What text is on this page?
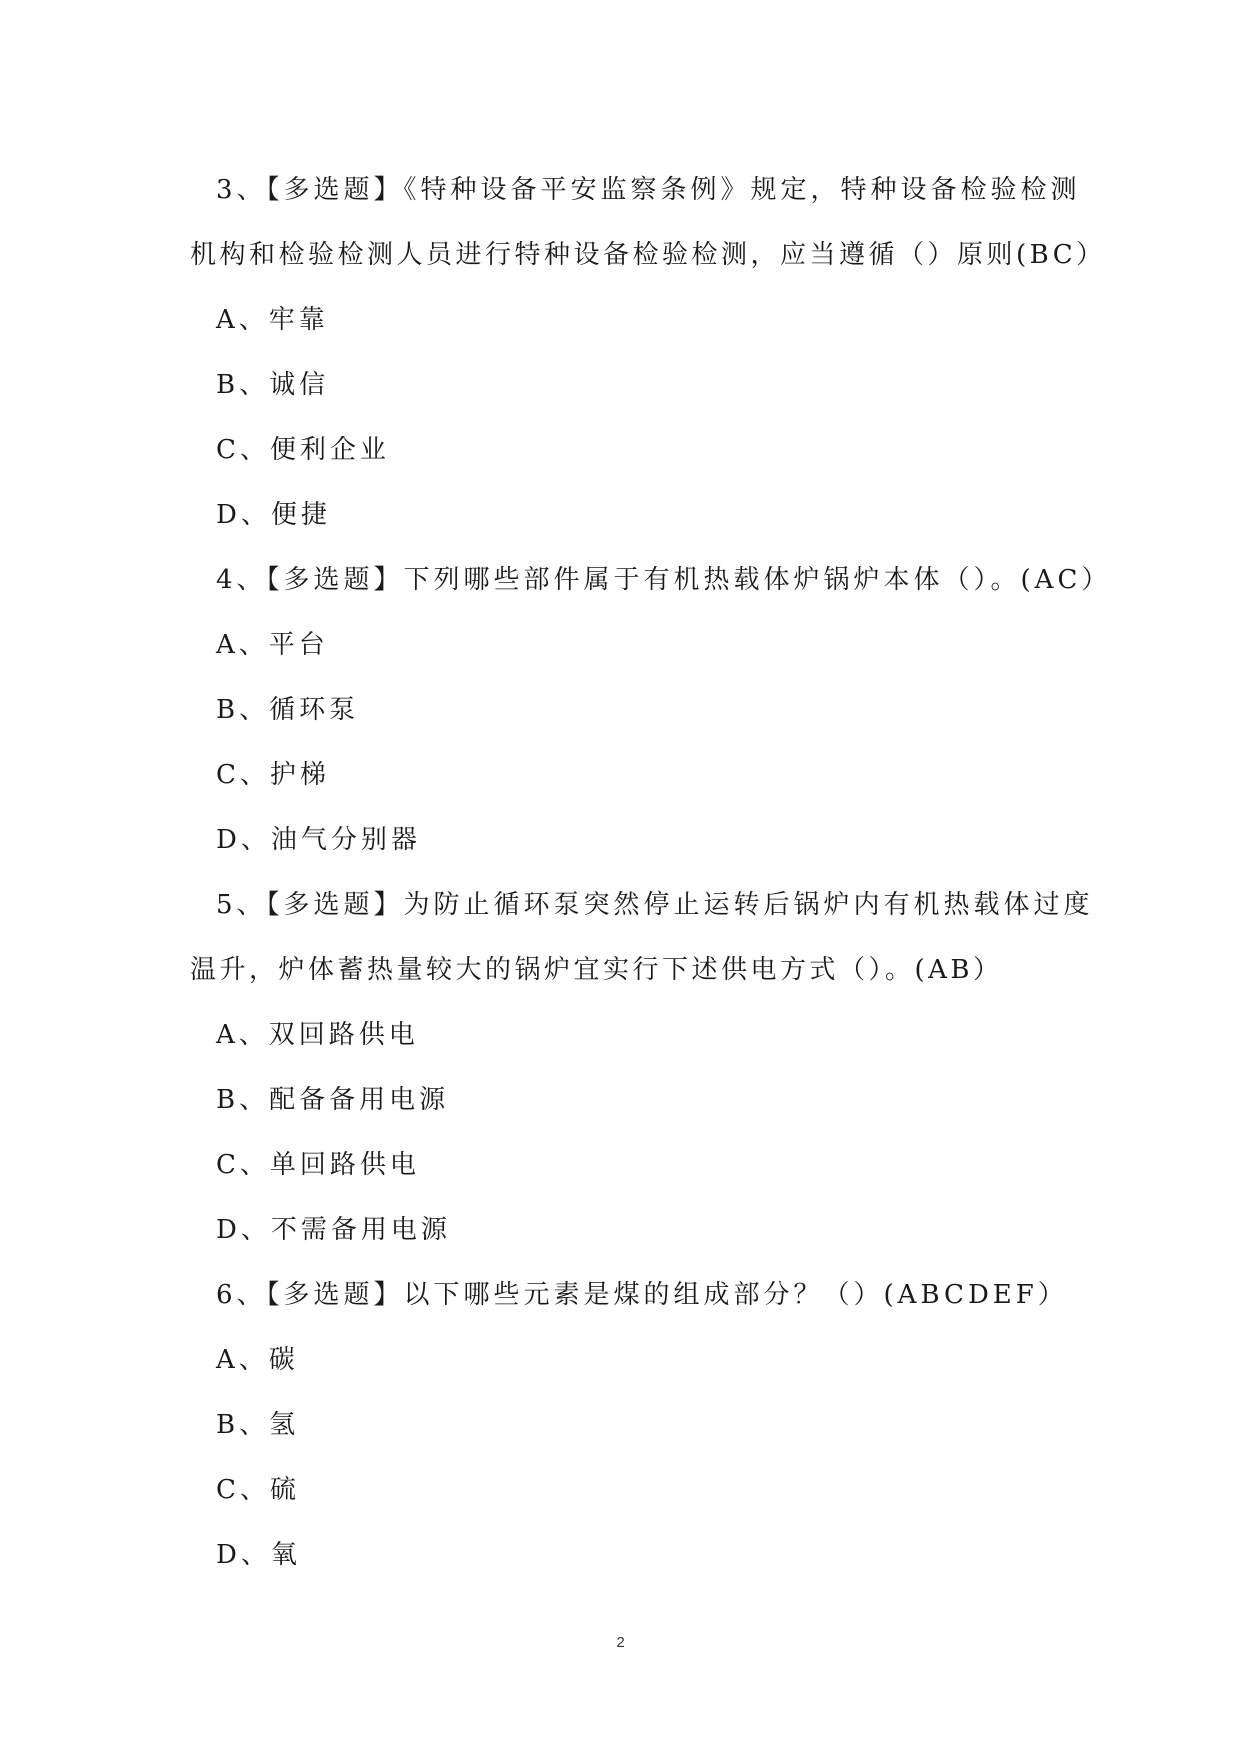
3、【多选题】《特种设备平安监察条例》规定，特种设备检验检测
机构和检验检测人员进行特种设备检验检测，应当遵循（）原则(BC）
A、牢靠
B、诚信
C、便利企业
D、便捷
4、【多选题】下列哪些部件属于有机热载体炉锅炉本体（）。(AC）
A、平台
B、循环泵
C、护梯
D、油气分别器
5、【多选题】为防止循环泵突然停止运转后锅炉内有机热载体过度
温升，炉体蓄热量较大的锅炉宜实行下述供电方式（）。(AB）
A、双回路供电
B、配备备用电源
C、单回路供电
D、不需备用电源
6、【多选题】以下哪些元素是煤的组成部分？（）(ABCDEF）
A、碳
B、氢
C、硫
D、氧
2
